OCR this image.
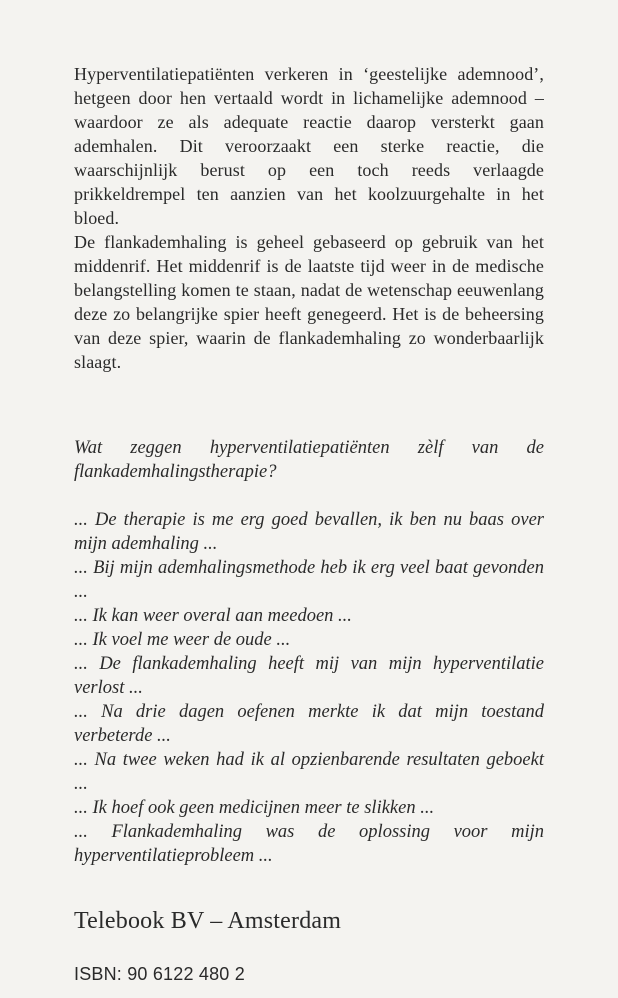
Hyperventilatiepatiënten verkeren in ‘geestelijke ademnood’, hetgeen door hen vertaald wordt in lichamelijke ademnood – waardoor ze als adequate reactie daarop versterkt gaan ademhalen. Dit veroorzaakt een sterke reactie, die waarschijnlijk berust op een toch reeds verlaagde prikkeldrempel ten aanzien van het koolzuurgehalte in het bloed.

De flankademhaling is geheel gebaseerd op gebruik van het middenrif. Het middenrif is de laatste tijd weer in de medische belangstelling komen te staan, nadat de wetenschap eeuwenlang deze zo belangrijke spier heeft genegeerd. Het is de beheersing van deze spier, waarin de flankademhaling zo wonderbaarlijk slaagt.

Wat zeggen hyperventilatiepatiënten zèlf van de flankademhalingstherapie?

... De therapie is me erg goed bevallen, ik ben nu baas over mijn ademhaling ...
... Bij mijn ademhalingsmethode heb ik erg veel baat gevonden ...
... Ik kan weer overal aan meedoen ...
... Ik voel me weer de oude ...
... De flankademhaling heeft mij van mijn hyperventilatie verlost ...
... Na drie dagen oefenen merkte ik dat mijn toestand verbeterde ...
... Na twee weken had ik al opzienbarende resultaten geboekt ...
... Ik hoef ook geen medicijnen meer te slikken ...
... Flankademhaling was de oplossing voor mijn hyperventilatieprobleem ...

Telebook BV – Amsterdam

ISBN: 90 6122 480 2
